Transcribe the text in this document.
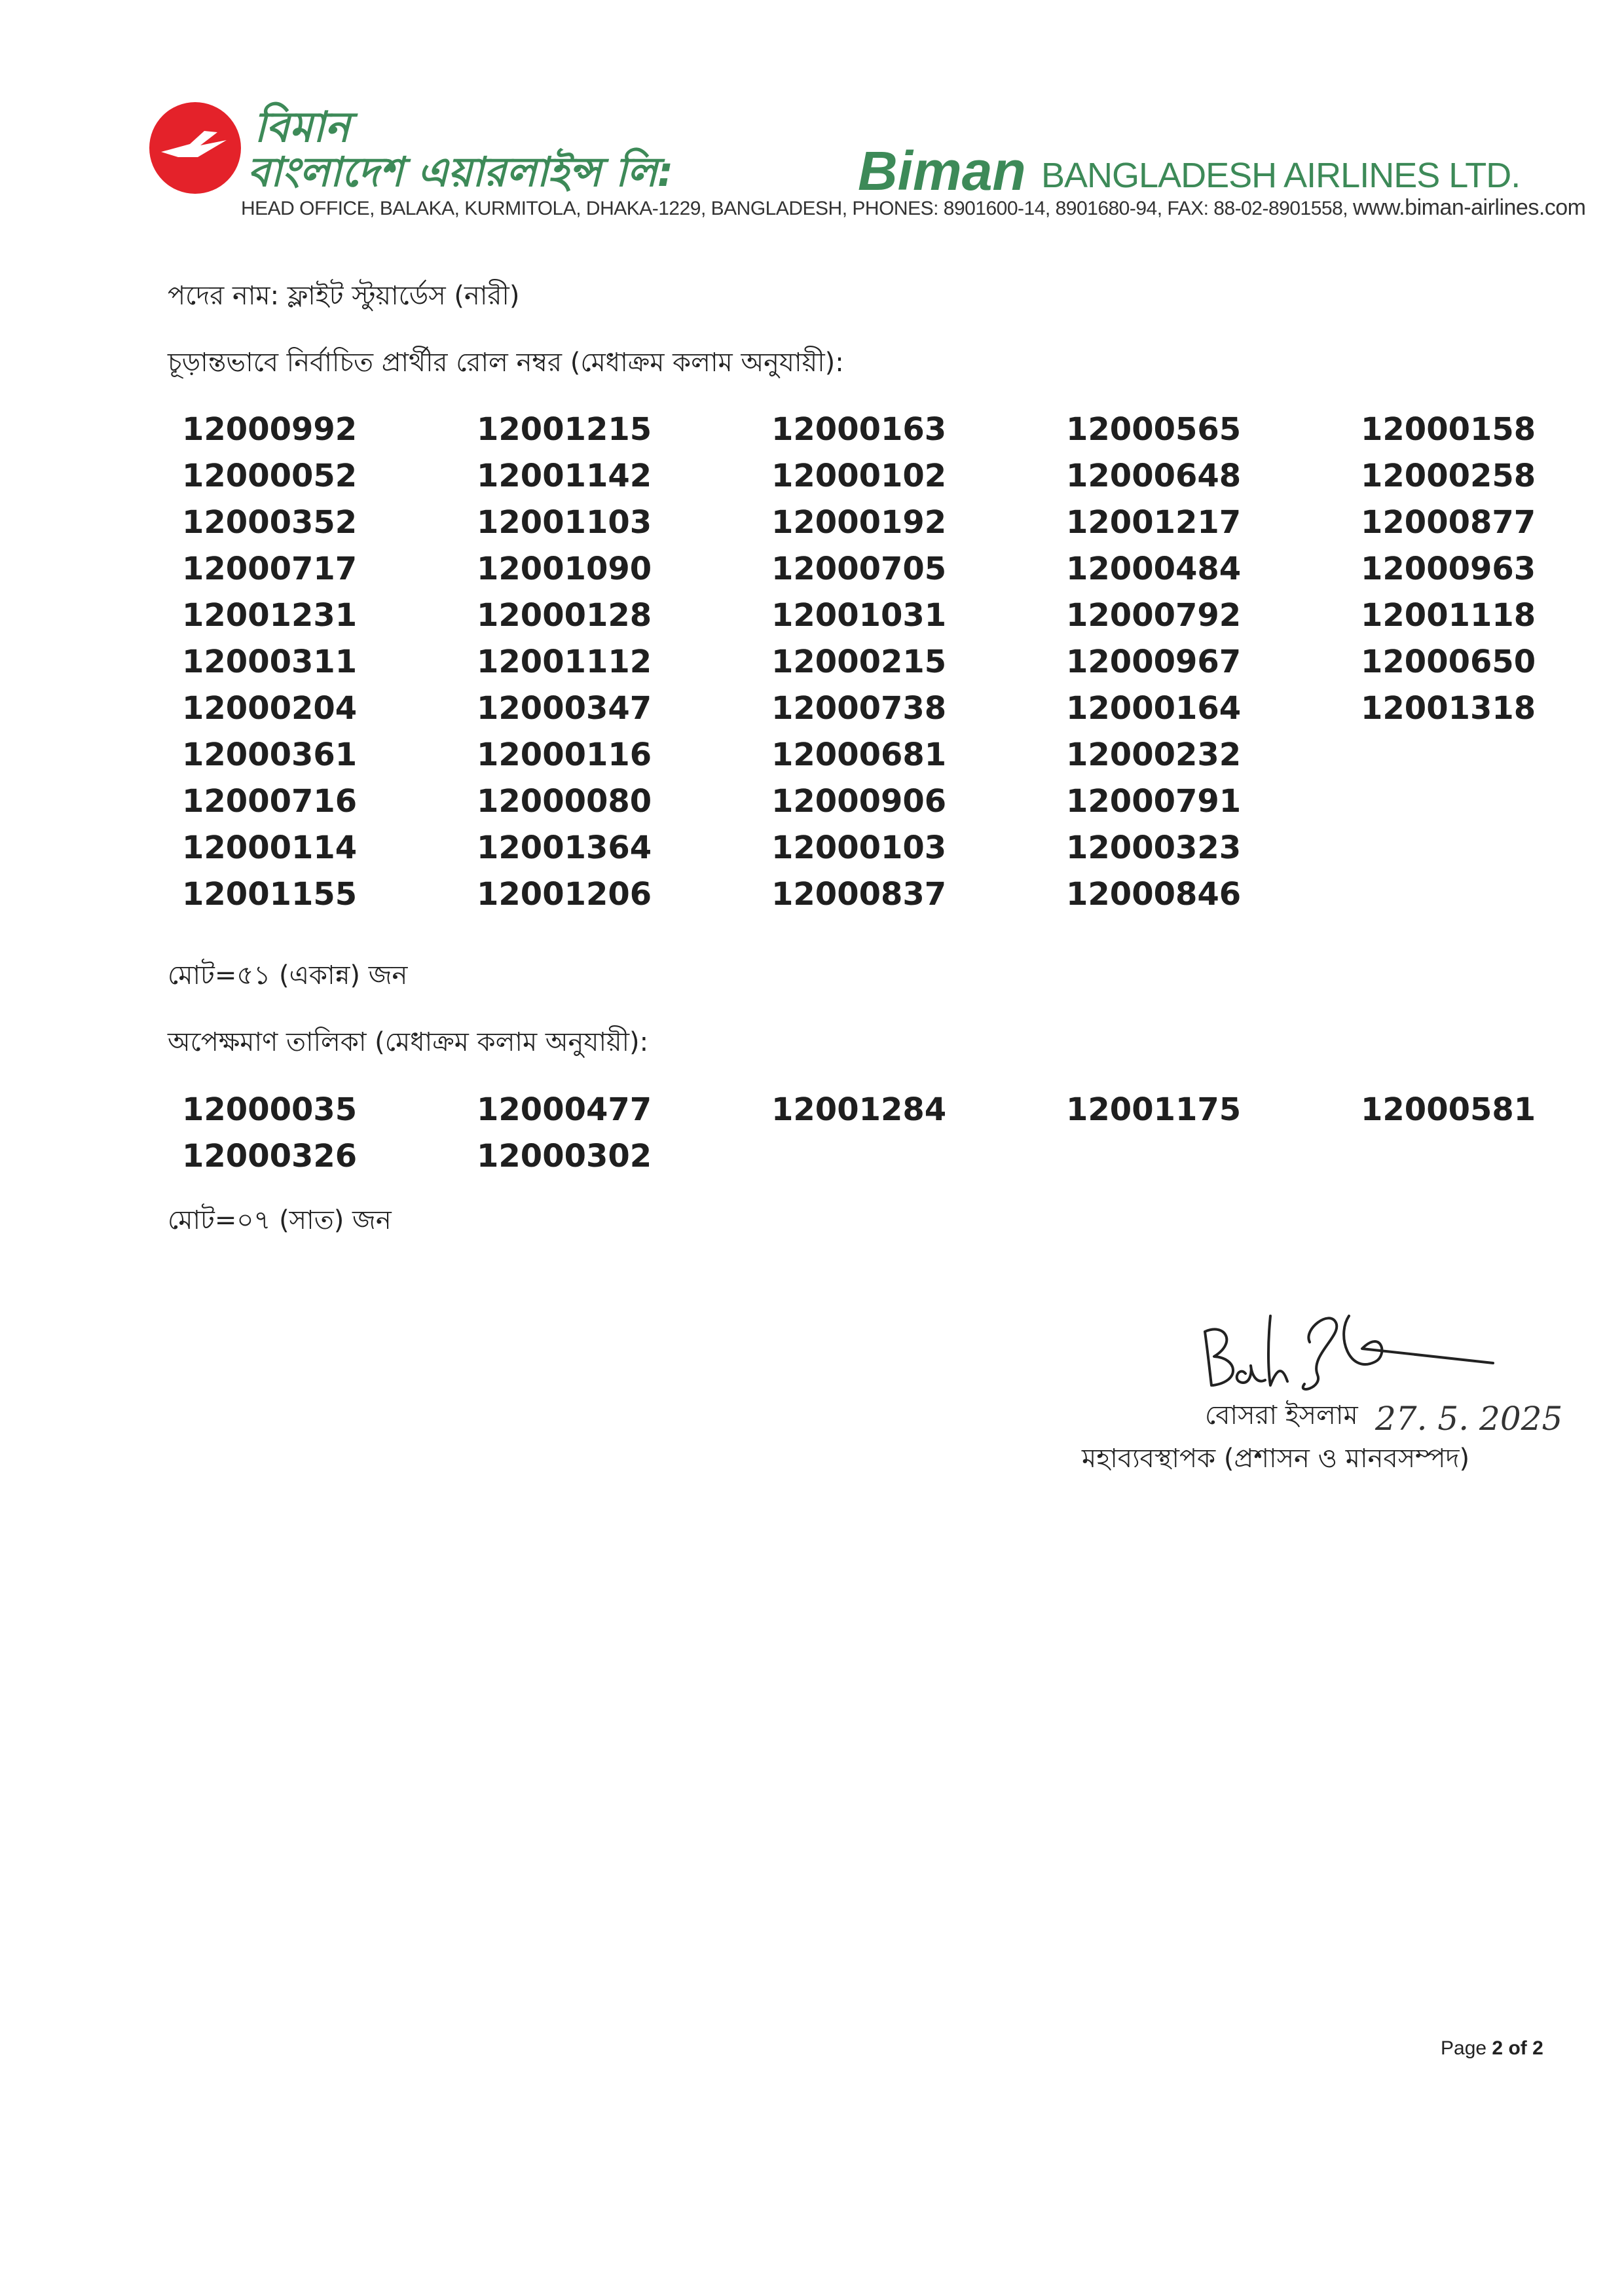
বিমান
বাংলাদেশ এয়ারলাইন্স লি:	Biman BANGLADESH AIRLINES LTD.
HEAD OFFICE, BALAKA, KURMITOLA, DHAKA-1229, BANGLADESH, PHONES: 8901600-14, 8901680-94, FAX: 88-02-8901558, www.biman-airlines.com
পদের নাম: ফ্লাইট স্টুয়ার্ডেস (নারী)
চূড়ান্তভাবে নির্বাচিত প্রার্থীর রোল নম্বর (মেধাক্রম কলাম অনুযায়ী):
12000992	12001215	12000163	12000565	12000158
12000052	12001142	12000102	12000648	12000258
12000352	12001103	12000192	12001217	12000877
12000717	12001090	12000705	12000484	12000963
12001231	12000128	12001031	12000792	12001118
12000311	12001112	12000215	12000967	12000650
12000204	12000347	12000738	12000164	12001318
12000361	12000116	12000681	12000232
12000716	12000080	12000906	12000791
12000114	12001364	12000103	12000323
12001155	12001206	12000837	12000846
মোট=৫১ (একান্ন) জন
অপেক্ষমাণ তালিকা (মেধাক্রম কলাম অনুযায়ী):
12000035	12000477	12001284	12001175	12000581
12000326	12000302
মোট=০৭ (সাত) জন
বোসরা ইসলাম 27. 5. 2025
মহাব্যবস্থাপক (প্রশাসন ও মানবসম্পদ)
Page 2 of 2
